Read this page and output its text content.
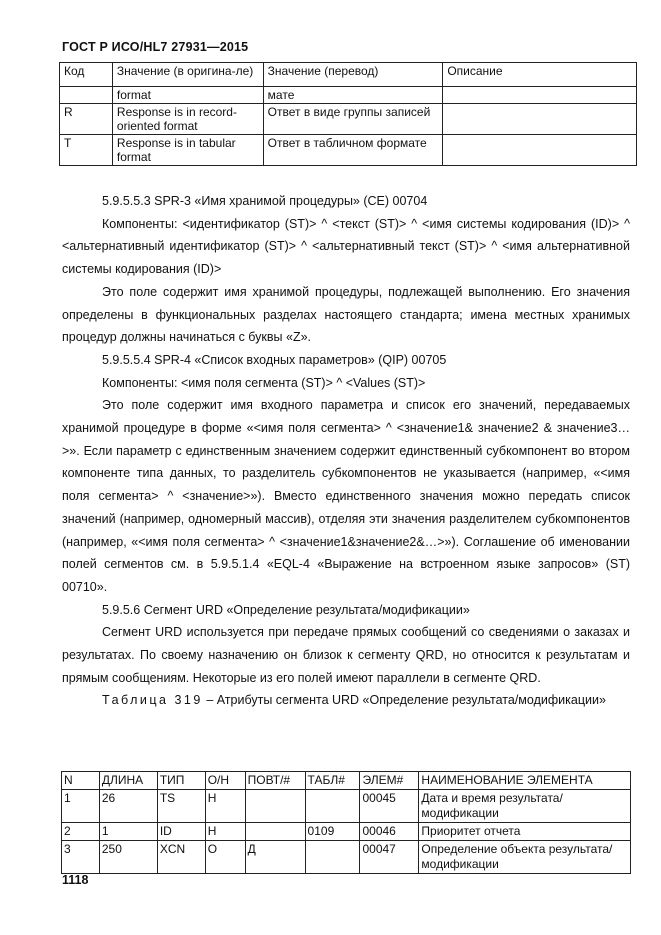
ГОСТ Р ИСО/HL7 27931—2015
Код	Значение (в оригина-ле)	Значение (перевод)	Описание
	format	мате	
R	Response is in record-oriented format	Ответ в виде группы записей	
T	Response is in tabular format	Ответ в табличном формате	

5.9.5.5.3 SPR-3 «Имя хранимой процедуры» (CE) 00704

Компоненты: <идентификатор (ST)> ^ <текст (ST)> ^ <имя системы кодирования (ID)> ^ <альтернативный идентификатор (ST)> ^ <альтернативный текст (ST)> ^ <имя альтернативной системы кодирования (ID)>

Это поле содержит имя хранимой процедуры, подлежащей выполнению. Его значения определены в функциональных разделах настоящего стандарта; имена местных хранимых процедур должны начинаться с буквы «Z».

5.9.5.5.4 SPR-4 «Список входных параметров» (QIP) 00705

Компоненты: <имя поля сегмента (ST)> ^ <Values (ST)>

Это поле содержит имя входного параметра и список его значений, передаваемых хранимой процедуре в форме «<имя поля сегмента> ^ <значение1& значение2 & значение3…>». Если параметр с единственным значением содержит единственный субкомпонент во втором компоненте типа данных, то разделитель субкомпонентов не указывается (например, «<имя поля сегмента> ^ <значение>»). Вместо единственного значения можно передать список значений (например, одномерный массив), отделяя эти значения разделителем субкомпонентов (например, «<имя поля сегмента> ^ <значение1&значение2&…>»). Соглашение об именовании полей сегментов см. в 5.9.5.1.4 «EQL-4 «Выражение на встроенном языке запросов» (ST) 00710».

5.9.5.6 Сегмент URD «Определение результата/модификации»

Сегмент URD используется при передаче прямых сообщений со сведениями о заказах и результатах. По своему назначению он близок к сегменту QRD, но относится к результатам и прямым сообщениям. Некоторые из его полей имеют параллели в сегменте QRD.

Таблица 319 – Атрибуты сегмента URD «Определение результата/модификации»

N	ДЛИНА	ТИП	О/Н	ПОВТ/#	ТАБЛ#	ЭЛЕМ#	НАИМЕНОВАНИЕ ЭЛЕМЕНТА
1	26	TS	Н			00045	Дата и время результата/модификации
2	1	ID	Н		0109	00046	Приоритет отчета
3	250	XCN	О	Д		00047	Определение объекта результата/модификации
1118
